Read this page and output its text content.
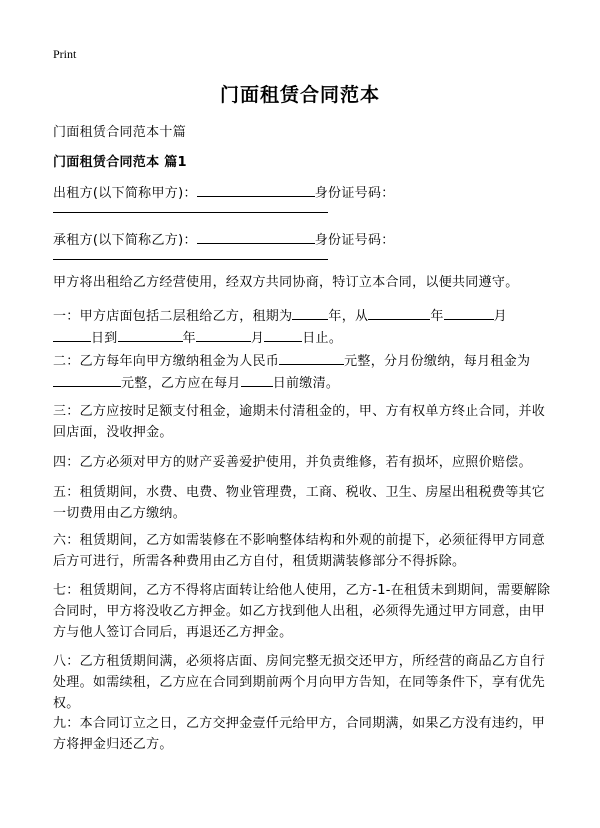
Print
门面租赁合同范本
门面租赁合同范本十篇
门面租赁合同范本 篇1
出租方(以下简称甲方)：	身份证号码：
承租方(以下简称乙方)：	身份证号码：
甲方将出租给乙方经营使用，经双方共同协商，特订立本合同，以便共同遵守。
一：甲方店面包括二层租给乙方，租期为	年，从	年	月
日到	年	月	日止。
二：乙方每年向甲方缴纳租金为人民币	元整，分月份缴纳，每月租金为
元整，乙方应在每月 日前缴清。
三：乙方应按时足额支付租金，逾期未付清租金的，甲、方有权单方终止合同，并收回店面，没收押金。
四：乙方必须对甲方的财产妥善爱护使用，并负责维修，若有损坏，应照价赔偿。
五：租赁期间，水费、电费、物业管理费，工商、税收、卫生、房屋出租税费等其它一切费用由乙方缴纳。
六：租赁期间，乙方如需装修在不影响整体结构和外观的前提下，必须征得甲方同意后方可进行，所需各种费用由乙方自付，租赁期满装修部分不得拆除。
七：租赁期间，乙方不得将店面转让给他人使用，乙方-1-在租赁未到期间，需要解除合同时，甲方将没收乙方押金。如乙方找到他人出租，必须得先通过甲方同意，由甲方与他人签订合同后，再退还乙方押金。
八：乙方租赁期间满，必须将店面、房间完整无损交还甲方，所经营的商品乙方自行处理。如需续租，乙方应在合同到期前两个月向甲方告知，在同等条件下，享有优先权。
九：本合同订立之日，乙方交押金壹仟元给甲方，合同期满，如果乙方没有违约，甲方将押金归还乙方。
